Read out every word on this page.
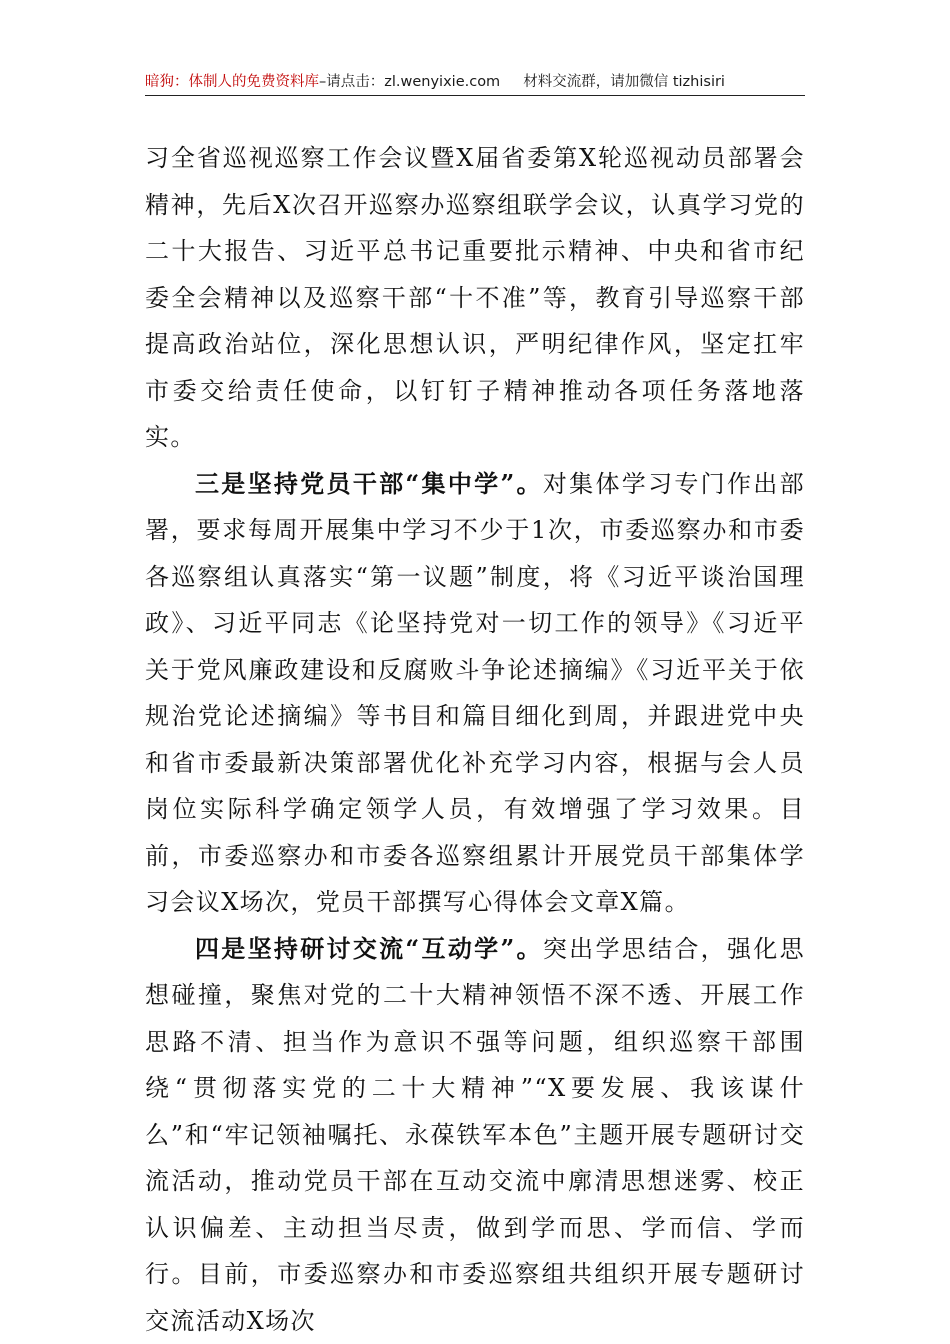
暗狗：体制人的免费资料库–请点击：zl.wenyixie.com 材料交流群，请加微信 tizhisiri

习全省巡视巡察工作会议暨X届省委第X轮巡视动员部署会精神，先后X次召开巡察办巡察组联学会议，认真学习党的二十大报告、习近平总书记重要批示精神、中央和省市纪委全会精神以及巡察干部“十不准”等，教育引导巡察干部提高政治站位，深化思想认识，严明纪律作风，坚定扛牢市委交给责任使命，以钉钉子精神推动各项任务落地落实。

三是坚持党员干部“集中学”。对集体学习专门作出部署，要求每周开展集中学习不少于1次，市委巡察办和市委各巡察组认真落实“第一议题”制度，将《习近平谈治国理政》、习近平同志《论坚持党对一切工作的领导》《习近平关于党风廉政建设和反腐败斗争论述摘编》《习近平关于依规治党论述摘编》等书目和篇目细化到周，并跟进党中央和省市委最新决策部署优化补充学习内容，根据与会人员岗位实际科学确定领学人员，有效增强了学习效果。目前，市委巡察办和市委各巡察组累计开展党员干部集体学习会议X场次，党员干部撰写心得体会文章X篇。

四是坚持研讨交流“互动学”。突出学思结合，强化思想碰撞，聚焦对党的二十大精神领悟不深不透、开展工作思路不清、担当作为意识不强等问题，组织巡察干部围绕“贯彻落实党的二十大精神”“X要发展、我该谋什么”和“牢记领袖嘱托、永葆铁军本色”主题开展专题研讨交流活动，推动党员干部在互动交流中廓清思想迷雾、校正认识偏差、主动担当尽责，做到学而思、学而信、学而行。目前，市委巡察办和市委巡察组共组织开展专题研讨交流活动X场次
